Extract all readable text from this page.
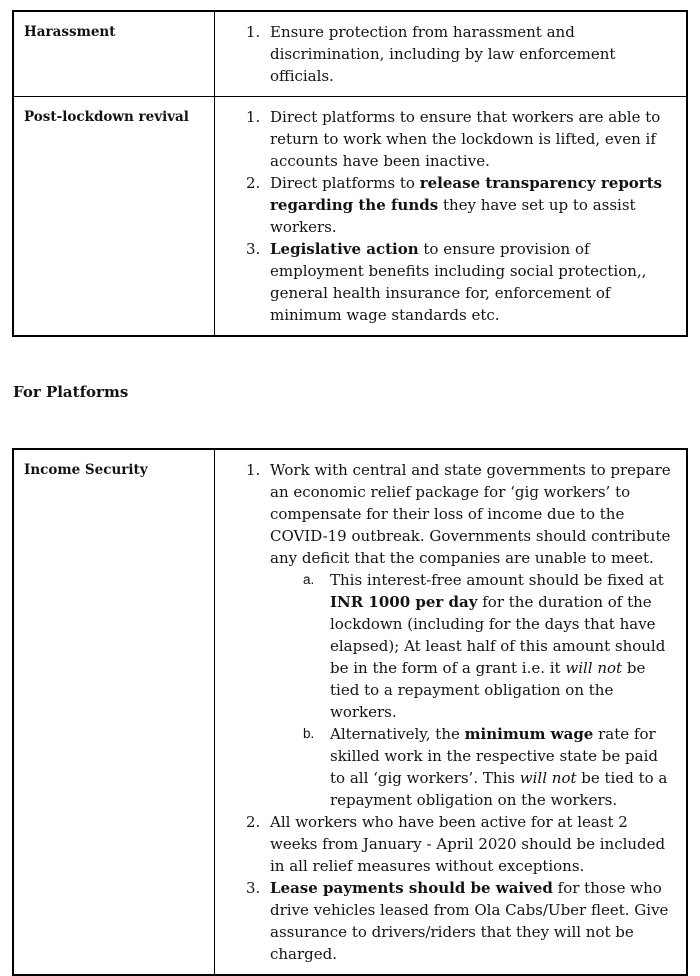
Harassment	1. Ensure protection from harassment and discrimination, including by law enforcement officials.
Post-lockdown revival	1. Direct platforms to ensure that workers are able to return to work when the lockdown is lifted, even if accounts have been inactive.
2. Direct platforms to release transparency reports regarding the funds they have set up to assist workers.
3. Legislative action to ensure provision of employment benefits including social protection,, general health insurance for, enforcement of minimum wage standards etc.
For Platforms
Income Security	1. Work with central and state governments to prepare an economic relief package for ‘gig workers’ to compensate for their loss of income due to the COVID-19 outbreak. Governments should contribute any deficit that the companies are unable to meet.
a.	This interest-free amount should be fixed at INR 1000 per day for the duration of the lockdown (including for the days that have elapsed); At least half of this amount should be in the form of a grant i.e. it will not be tied to a repayment obligation on the workers.
b.	Alternatively, the minimum wage rate for skilled work in the respective state be paid to all ‘gig workers’. This will not be tied to a repayment obligation on the workers.
2. All workers who have been active for at least 2 weeks from January - April 2020 should be included in all relief measures without exceptions.
3. Lease payments should be waived for those who drive vehicles leased from Ola Cabs/Uber fleet. Give assurance to drivers/riders that they will not be charged.
